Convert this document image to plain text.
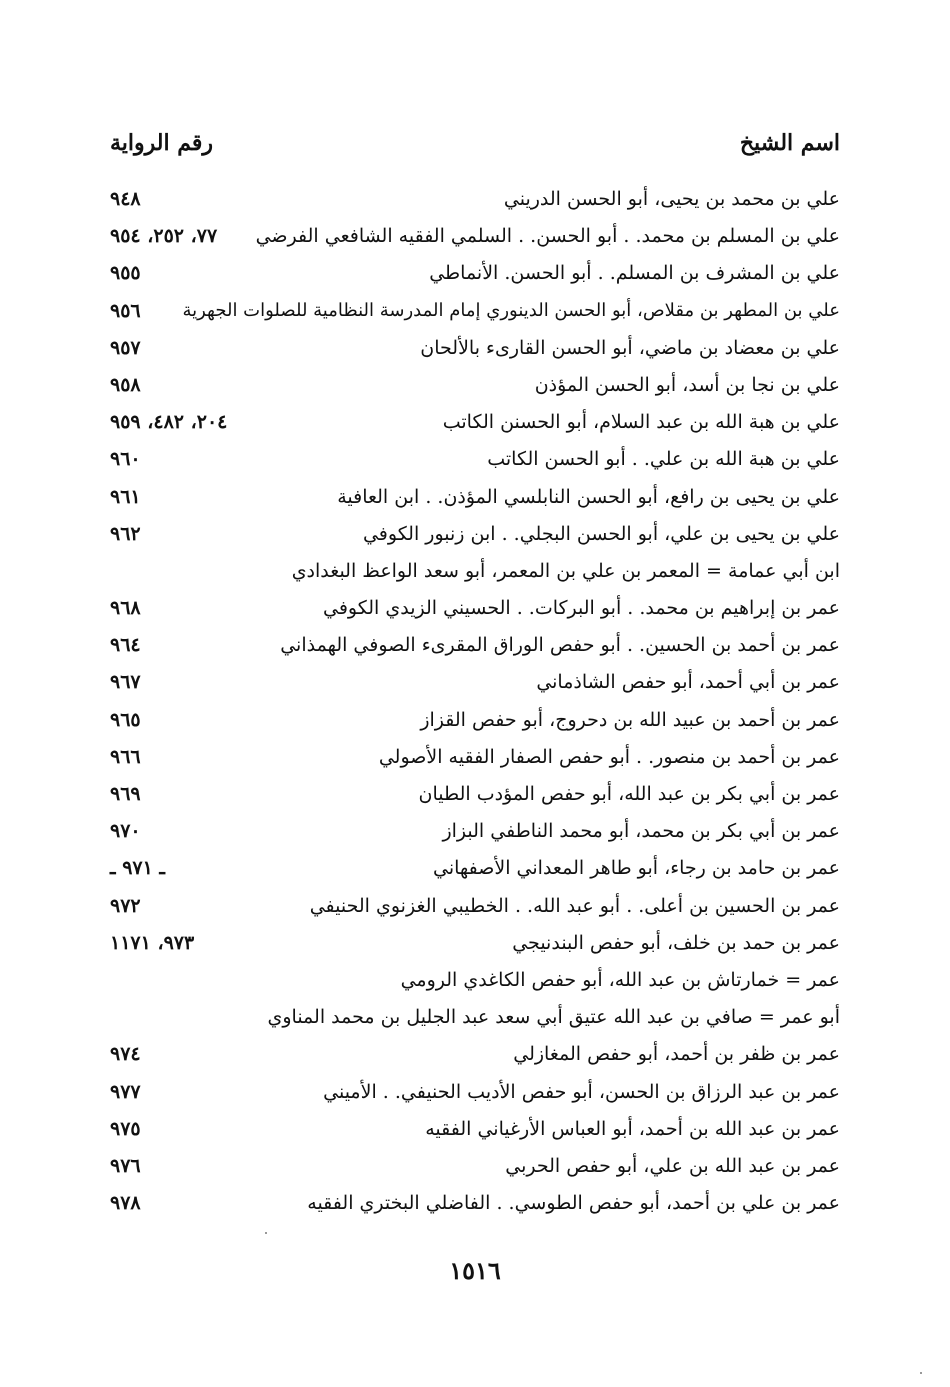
اسم الشيخ
رقم الرواية
علي بن محمد بن يحيى، أبو الحسن الدريني
٩٤٨
علي بن المسلم بن محمد. . أبو الحسن. . السلمي الفقيه الشافعي الفرضي
٧٧، ٢٥٢، ٩٥٤
علي بن المشرف بن المسلم. . أبو الحسن. الأنماطي
٩٥٥
علي بن المطهر بن مقلاص، أبو الحسن الدينوري إمام المدرسة النظامية للصلوات الجهرية
٩٥٦
علي بن معضاد بن ماضي، أبو الحسن القارىء بالألحان
٩٥٧
علي بن نجا بن أسد، أبو الحسن المؤذن
٩٥٨
علي بن هبة الله بن عبد السلام، أبو الحسنن الكاتب
٢٠٤، ٤٨٢، ٩٥٩
علي بن هبة الله بن علي. . أبو الحسن الكاتب
٩٦٠
علي بن يحيى بن رافع، أبو الحسن النابلسي المؤذن. . ابن العافية
٩٦١
علي بن يحيى بن علي، أبو الحسن البجلي. . ابن زنبور الكوفي
٩٦٢
ابن أبي عمامة = المعمر بن علي بن المعمر، أبو سعد الواعظ البغدادي
عمر بن إبراهيم بن محمد. . أبو البركات. . الحسيني الزيدي الكوفي
٩٦٨
عمر بن أحمد بن الحسين. . أبو حفص الوراق المقرىء الصوفي الهمذاني
٩٦٤
عمر بن أبي أحمد، أبو حفص الشاذماني
٩٦٧
عمر بن أحمد بن عبيد الله بن دحروج، أبو حفص القزاز
٩٦٥
عمر بن أحمد بن منصور. . أبو حفص الصفار الفقيه الأصولي
٩٦٦
عمر بن أبي بكر بن عبد الله، أبو حفص المؤدب الطيان
٩٦٩
عمر بن أبي بكر بن محمد، أبو محمد الناطفي البزاز
٩٧٠
عمر بن حامد بن رجاء، أبو طاهر المعداني الأصفهاني
ـ ٩٧١ ـ
عمر بن الحسين بن أعلى. . أبو عبد الله. . الخطيبي الغزنوي الحنيفي
٩٧٢
عمر بن حمد بن خلف، أبو حفص البندنيجي
٩٧٣، ١١٧١
عمر = خمارتاش بن عبد الله، أبو حفص الكاغدي الرومي
أبو عمر = صافي بن عبد الله عتيق أبي سعد عبد الجليل بن محمد المناوي
عمر بن ظفر بن أحمد، أبو حفص المغازلي
٩٧٤
عمر بن عبد الرزاق بن الحسن، أبو حفص الأديب الحنيفي. . الأميني
٩٧٧
عمر بن عبد الله بن أحمد، أبو العباس الأرغياني الفقيه
٩٧٥
عمر بن عبد الله بن علي، أبو حفص الحربي
٩٧٦
عمر بن علي بن أحمد، أبو حفص الطوسي. . الفاضلي البختري الفقيه
٩٧٨
١٥١٦
